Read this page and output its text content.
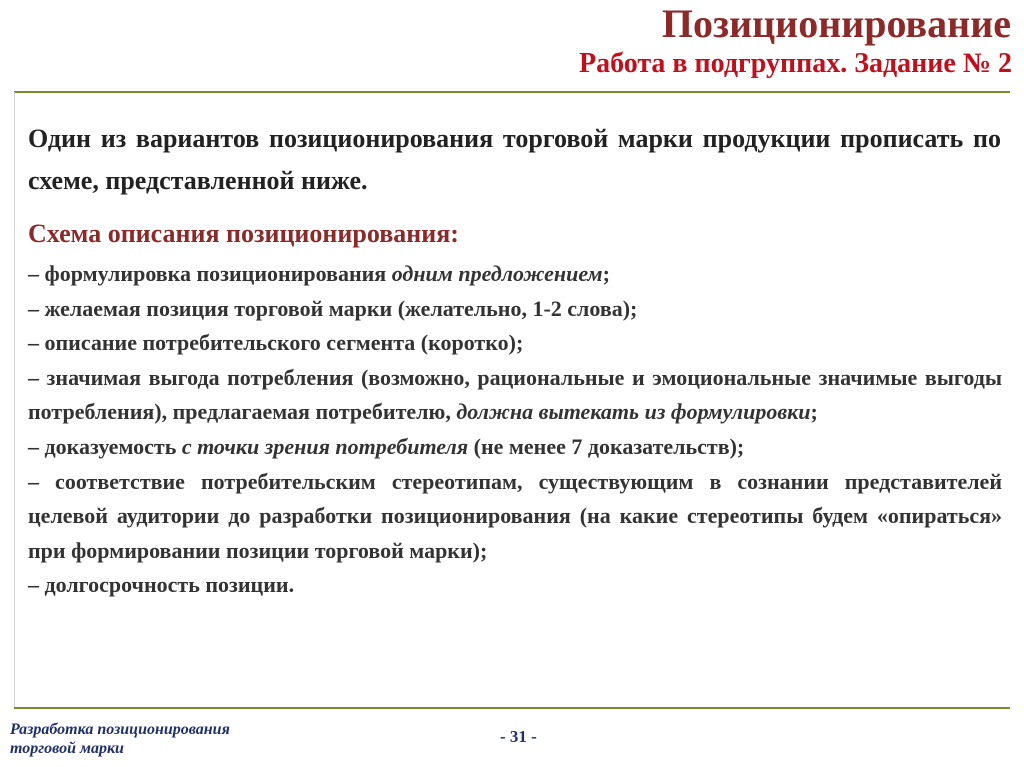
Позиционирование
Работа в подгруппах. Задание № 2
Один из вариантов позиционирования торговой марки продукции прописать по схеме, представленной ниже.
Схема описания позиционирования:

– формулировка позиционирования одним предложением;

– желаемая позиция торговой марки (желательно, 1-2 слова);

– описание потребительского сегмента (коротко);

– значимая выгода потребления (возможно, рациональные и эмоциональные значимые выгоды потребления), предлагаемая потребителю, должна вытекать из формулировки;

– доказуемость с точки зрения потребителя (не менее 7 доказательств);

– соответствие потребительским стереотипам, существующим в сознании представителей целевой аудитории до разработки позиционирования (на какие стереотипы будем «опираться» при формировании позиции торговой марки);

– долгосрочность позиции.

Разработка позиционирования
торговой марки
- 31 -
